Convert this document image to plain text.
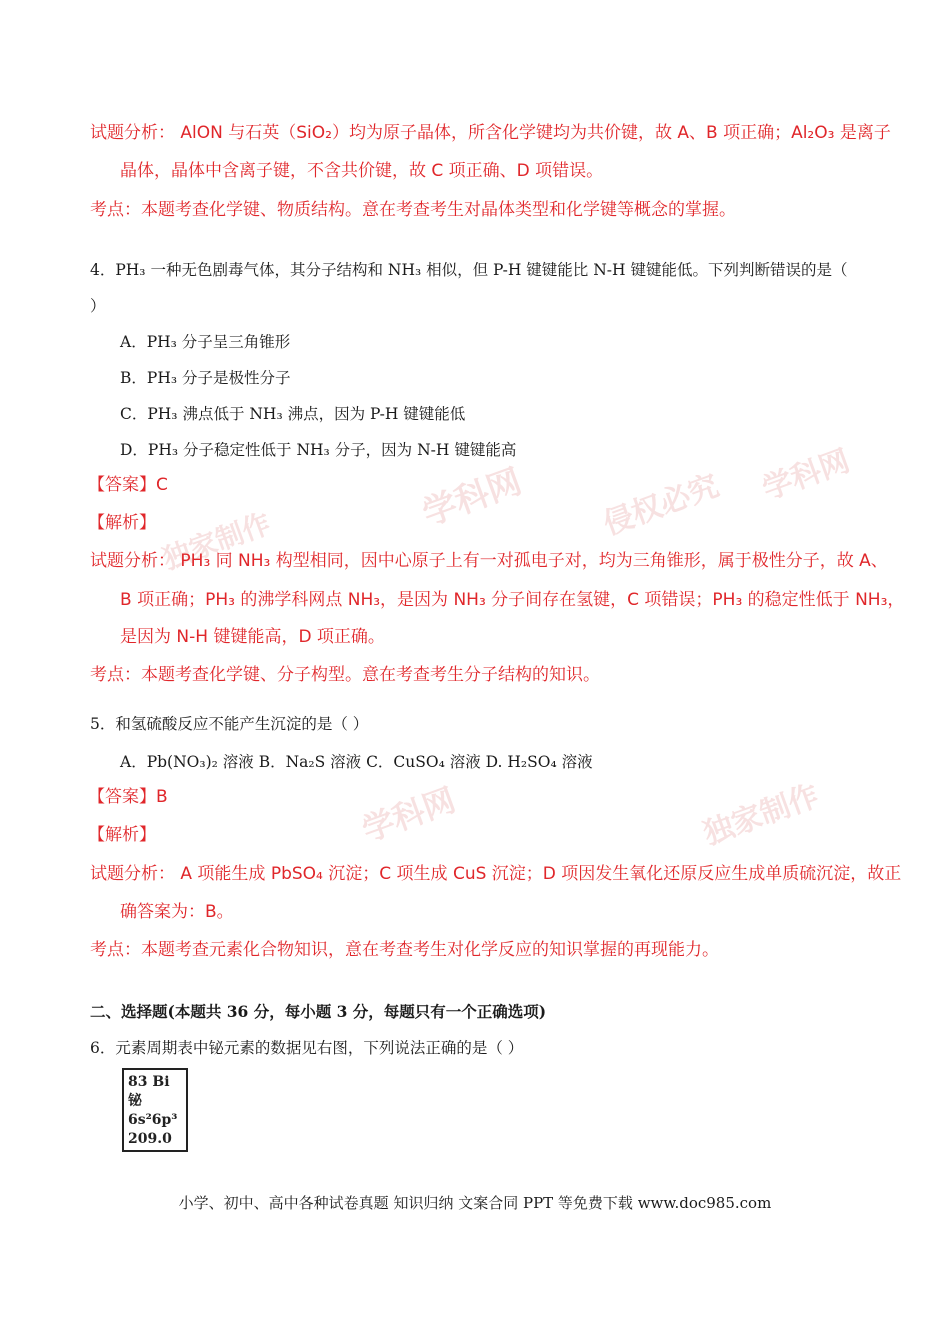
学科网 侵权必究 学科网
独家制作
学科网	独家制作
试题分析： AlON 与石英（SiO₂）均为原子晶体，所含化学键均为共价键，故 A、B 项正确；Al₂O₃ 是离子
晶体，晶体中含离子键，不含共价键，故 C 项正确、D 项错误。
考点：本题考查化学键、物质结构。意在考查考生对晶体类型和化学键等概念的掌握。
4．PH₃ 一种无色剧毒气体，其分子结构和 NH₃ 相似，但 P-H 键键能比 N-H 键键能低。下列判断错误的是（
）
A．PH₃ 分子呈三角锥形
B．PH₃ 分子是极性分子
C．PH₃ 沸点低于 NH₃ 沸点，因为 P-H 键键能低
D．PH₃ 分子稳定性低于 NH₃ 分子，因为 N-H 键键能高
【答案】C
【解析】
试题分析： PH₃ 同 NH₃ 构型相同，因中心原子上有一对孤电子对，均为三角锥形，属于极性分子，故 A、
B 项正确；PH₃ 的沸学科网点 NH₃，是因为 NH₃ 分子间存在氢键，C 项错误；PH₃ 的稳定性低于 NH₃，
是因为 N-H 键键能高，D 项正确。
考点：本题考查化学键、分子构型。意在考查考生分子结构的知识。
5．和氢硫酸反应不能产生沉淀的是（ ）
A．Pb(NO₃)₂ 溶液 B．Na₂S 溶液 C．CuSO₄ 溶液 D. H₂SO₄ 溶液
【答案】B
【解析】
试题分析： A 项能生成 PbSO₄ 沉淀；C 项生成 CuS 沉淀；D 项因发生氧化还原反应生成单质硫沉淀，故正
确答案为：B。
考点：本题考查元素化合物知识，意在考查考生对化学反应的知识掌握的再现能力。
二、选择题(本题共 36 分，每小题 3 分，每题只有一个正确选项)
6．元素周期表中铋元素的数据见右图，下列说法正确的是（ ）
83 Bi
铋
6s²6p³
209.0
小学、初中、高中各种试卷真题 知识归纳 文案合同 PPT 等免费下载 www.doc985.com
